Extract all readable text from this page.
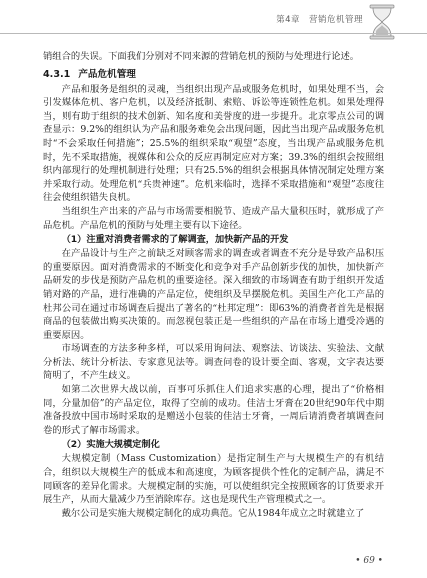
第4章　营销危机管理

销组合的失误。下面我们分别对不同来源的营销危机的预防与处理进行论述。

4.3.1 产品危机管理

产品和服务是组织的灵魂，当组织出现产品或服务危机时，如果处理不当，会引发媒体危机、客户危机，以及经济抵制、索赔、诉讼等连锁性危机。如果处理得当，则有助于组织的技术创新、知名度和美誉度的进一步提升。北京零点公司的调查显示：9.2%的组织认为产品和服务难免会出现问题，因此当出现产品或服务危机时“不会采取任何措施”；25.5%的组织采取“观望”态度，当出现产品或服务危机时，先不采取措施，视媒体和公众的反应再制定应对方案；39.3%的组织会按照组织内部现行的处理机制进行处理；只有25.5%的组织会根据具体情况制定处理方案并采取行动。处理危机“兵贵神速”。危机来临时，选择不采取措施和“观望”态度往往会使组织错失良机。

当组织生产出来的产品与市场需要相脱节、造成产品大量积压时，就形成了产品危机。产品危机的预防与处理主要有以下途径。

（1）注重对消费者需求的了解调查，加快新产品的开发

在产品设计与生产之前缺乏对顾客需求的调查或者调查不充分是导致产品积压的重要原因。面对消费需求的不断变化和竞争对手产品创新步伐的加快，加快新产品研发的步伐是预防产品危机的重要途径。深入细致的市场调查有助于组织开发适销对路的产品，进行准确的产品定位，使组织及早摆脱危机。美国生产化工产品的杜邦公司在通过市场调查后提出了著名的“杜邦定理”：即63%的消费者首先是根据商品的包装做出购买决策的。而忽视包装正是一些组织的产品在市场上遭受冷遇的重要原因。

市场调查的方法多种多样，可以采用询问法、观察法、访谈法、实验法、文献分析法、统计分析法、专家意见法等。调查问卷的设计要全面、客观，文字表达要简明了，不产生歧义。

如第二次世界大战以前，百事可乐抓住人们追求实惠的心理，提出了“价格相同，分量加倍”的产品定位，取得了空前的成功。佳洁士牙膏在20世纪90年代中期准备投放中国市场时采取的是赠送小包装的佳洁士牙膏，一周后请消费者填调查问卷的形式了解市场需求。

（2）实施大规模定制化

大规模定制（Mass Customization）是指定制生产与大规模生产的有机结合，组织以大规模生产的低成本和高速度，为顾客提供个性化的定制产品，满足不同顾客的差异化需求。大规模定制的实施，可以使组织完全按照顾客的订货要求开展生产，从而大量减少乃至消除库存。这也是现代生产管理模式之一。

戴尔公司是实施大规模定制化的成功典范。它从1984年成立之时就建立了

• 69 •
